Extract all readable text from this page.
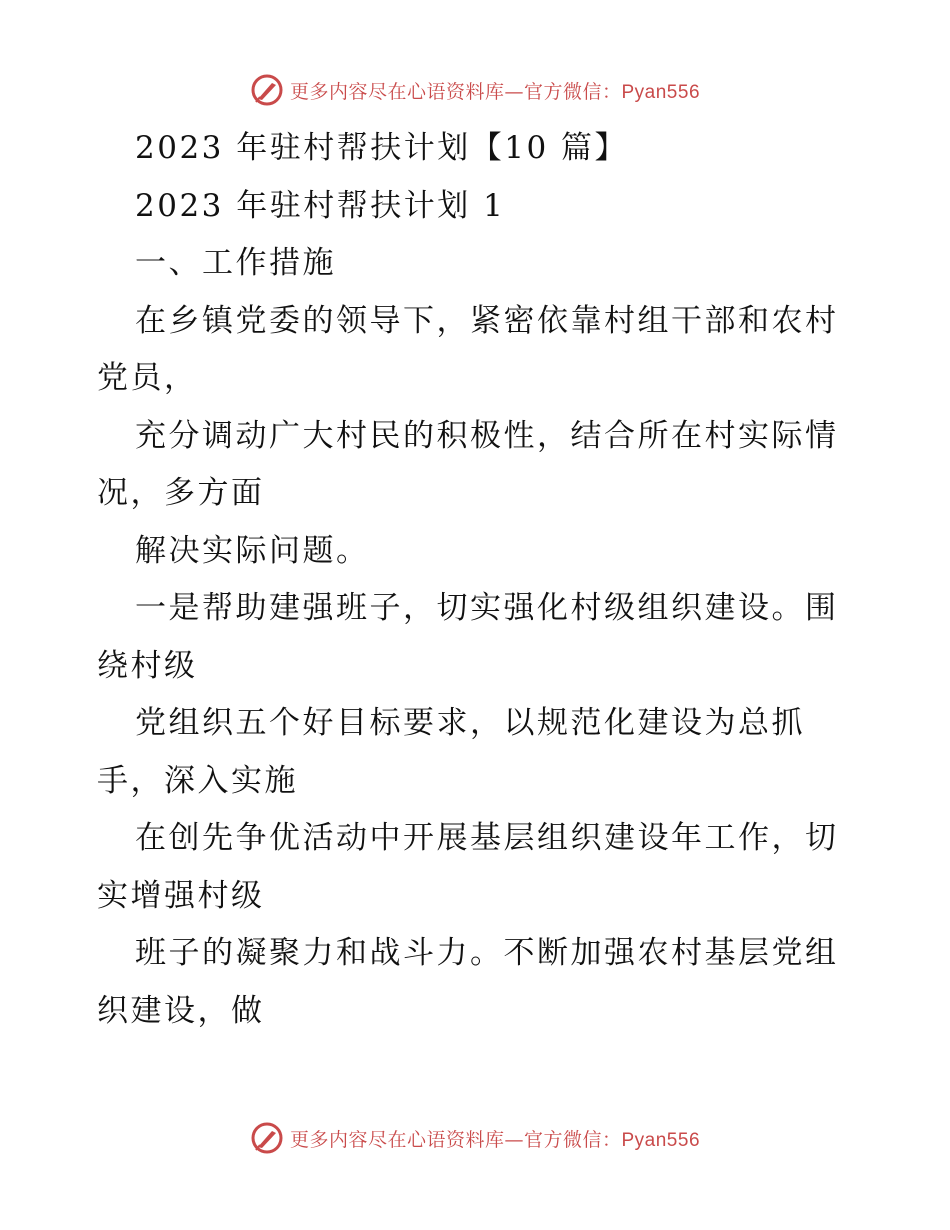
更多内容尽在心语资料库—官方微信：Pyan556
2023 年驻村帮扶计划【10 篇】
2023 年驻村帮扶计划 1
一、工作措施
在乡镇党委的领导下，紧密依靠村组干部和农村
党员，
充分调动广大村民的积极性，结合所在村实际情
况，多方面
解决实际问题。
一是帮助建强班子，切实强化村级组织建设。围
绕村级
党组织五个好目标要求，以规范化建设为总抓
手，深入实施
在创先争优活动中开展基层组织建设年工作，切
实增强村级
班子的凝聚力和战斗力。不断加强农村基层党组
织建设，做
更多内容尽在心语资料库—官方微信：Pyan556
